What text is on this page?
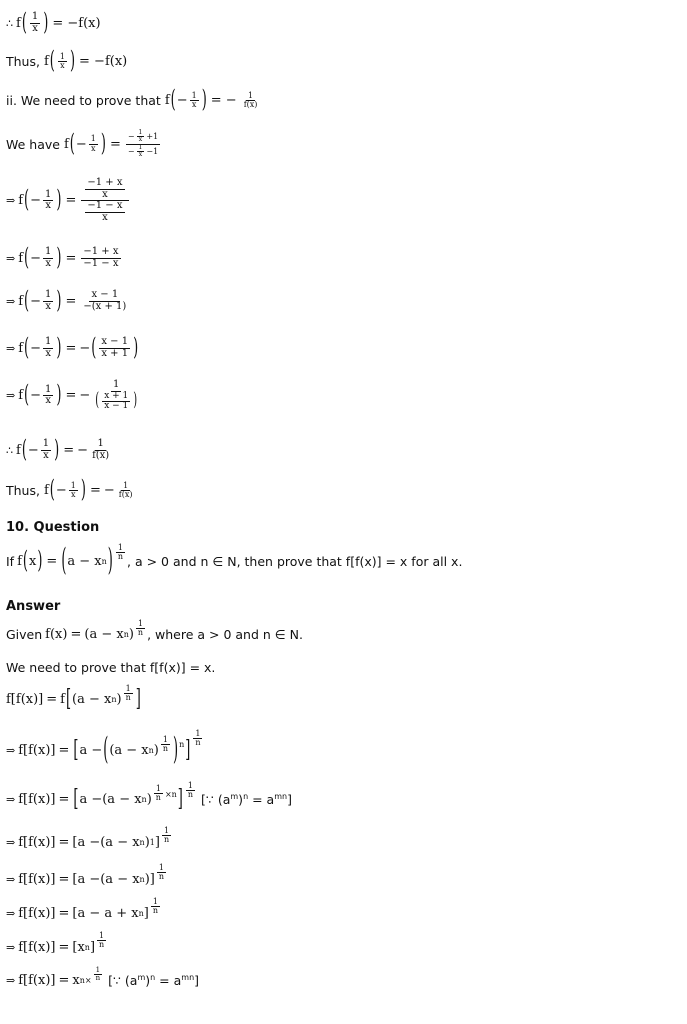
∴ f ( $\frac{1}{x}$ ) = −f(x)
Thus, f ( $\frac{1}{x}$ ) = −f(x)
ii. We need to prove that f ( − $\frac{1}{x}$ ) = − $\frac{1}{f(x)}$
We have f ( − $\frac{1}{x}$ ) = $\frac{- \frac{1}{x} +1}{- \frac{1}{x} -1}$
⇒ f ( − $\frac{1}{x}$ ) = $\frac{\frac{-1 + x}{x}}{\frac{-1 - x}{x}}$
⇒ f ( − $\frac{1}{x}$ ) = $\frac{-1 + x}{-1 - x}$
⇒ f ( − $\frac{1}{x}$ ) = $\frac{x - 1}{-(x + 1)}$
⇒ f ( − $\frac{1}{x}$ ) = − ( $\frac{x - 1}{x + 1}$ )
⇒ f ( − $\frac{1}{x}$ ) = − $\frac{1}{( \frac{x + 1}{x - 1} )}$
∴ f ( − $\frac{1}{x}$ ) = − $\frac{1}{f(x)}$
Thus, f ( − $\frac{1}{x}$ ) = − $\frac{1}{f(x)}$
10. Question
If f ( x ) = ( a − x n ) $\frac{1}{n}$
, a > 0 and n ∈ N, then prove that f[f(x)] = x for all x.
Answer
Given f(x) = (a − x n ) $\frac{1}{n}$ , where a > 0 and n ∈ N.
We need to prove that f[f(x)] = x.
f[f(x)] = f [ (a − x n ) $\frac{1}{n}$ ]
⇒ f[f(x)] = [ a − ( (a − x n ) $\frac{1}{n}$ ) n ] $\frac{1}{n}$
⇒ f[f(x)] = [ a − (a − x n ) $\frac{1}{n} \times n$ ] $\frac{1}{n}$
[∵ $(a^m)^n = a^{mn}$]
⇒ f[f(x)] = [a − (a − x n ) 1 ] $\frac{1}{n}$
⇒ f[f(x)] = [a − (a − x n )] $\frac{1}{n}$
⇒ f[f(x)] = [a − a + x n ] $\frac{1}{n}$
⇒ f[f(x)] = [x n ] $\frac{1}{n}$
⇒ f[f(x)] = x $n\times \frac{1}{n}$ [∵ $(a^m)^n = a^{mn}$]
